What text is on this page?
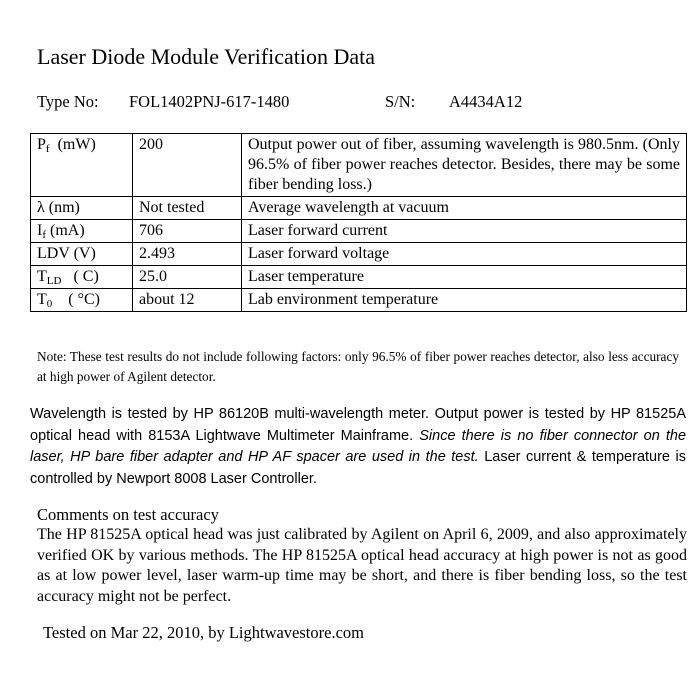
Laser Diode Module Verification Data
Type No: FOL1402PNJ-617-1480	S/N: A4434A12
$P_f$ (mW)	200	Output power out of fiber, assuming wavelength is 980.5nm. (Only 96.5% of fiber power reaches detector. Besides, there may be some fiber bending loss.)
λ (nm)	Not tested	Average wavelength at vacuum
$I_f$ (mA)	706	Laser forward current
LDV (V)	2.493	Laser forward voltage
$T_{LD}$ ( C)	25.0	Laser temperature
$T_0$ ( °C)	about 12	Lab environment temperature
Note: These test results do not include following factors: only 96.5% of fiber power reaches detector, also less accuracy at high power of Agilent detector.
Wavelength is tested by HP 86120B multi-wavelength meter. Output power is tested by HP 81525A optical head with 8153A Lightwave Multimeter Mainframe. Since there is no fiber connector on the laser, HP bare fiber adapter and HP AF spacer are used in the test. Laser current & temperature is controlled by Newport 8008 Laser Controller.
Comments on test accuracy
The HP 81525A optical head was just calibrated by Agilent on April 6, 2009, and also approximately verified OK by various methods. The HP 81525A optical head accuracy at high power is not as good as at low power level, laser warm-up time may be short, and there is fiber bending loss, so the test accuracy might not be perfect.
Tested on Mar 22, 2010, by Lightwavestore.com
